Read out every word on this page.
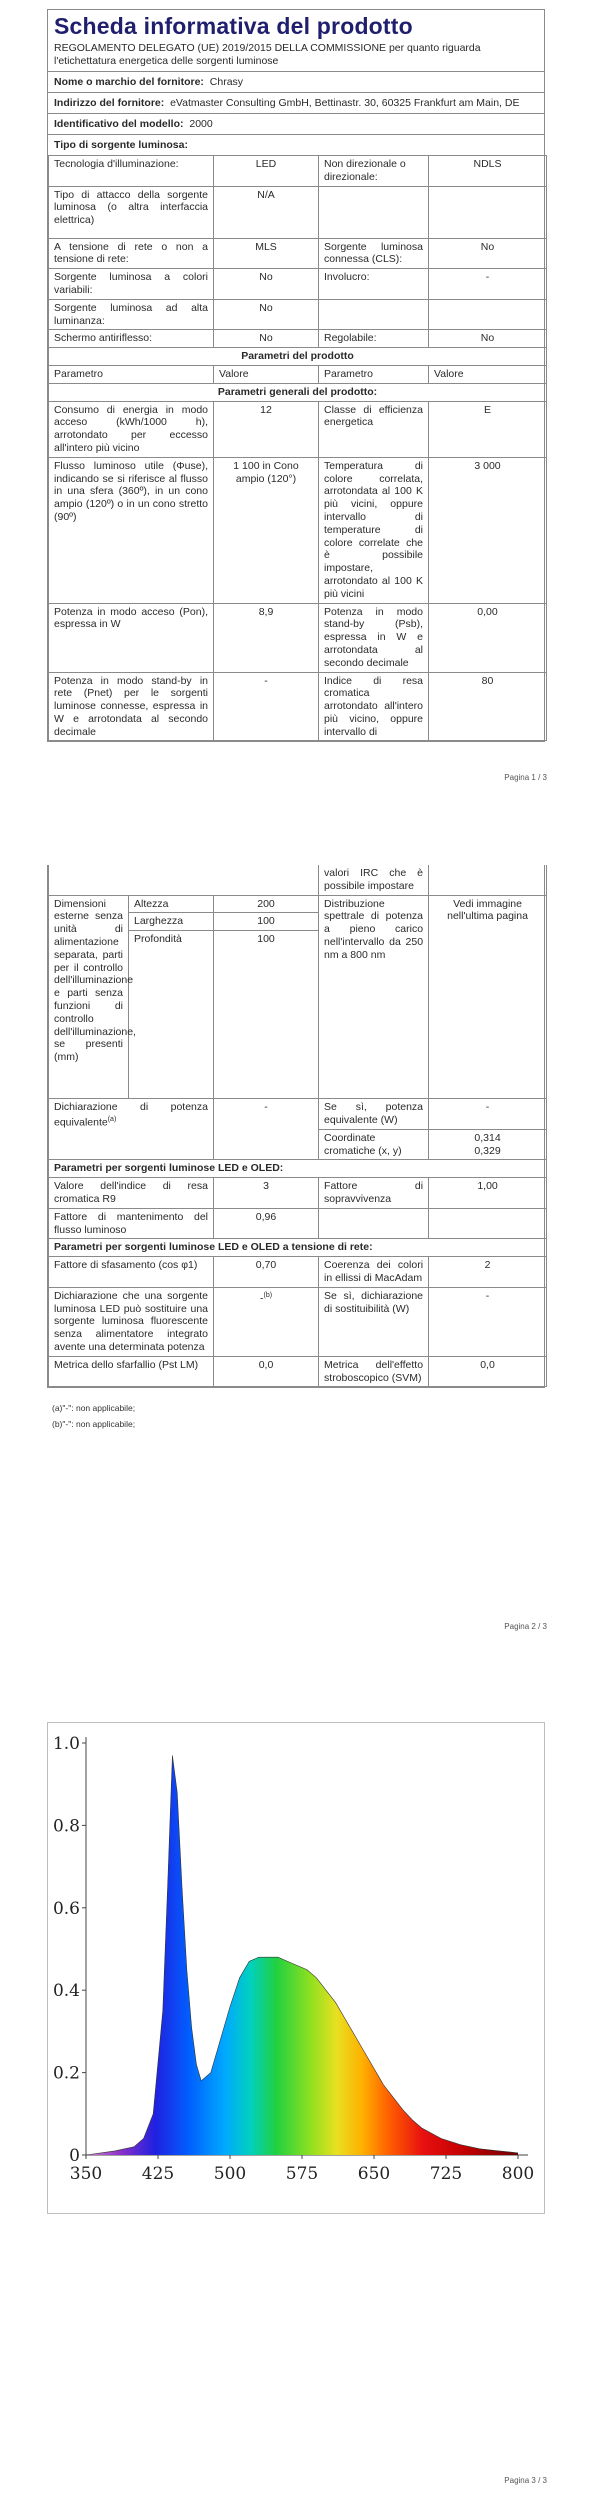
Scheda informativa del prodotto
REGOLAMENTO DELEGATO (UE) 2019/2015 DELLA COMMISSIONE per quanto riguarda l'etichettatura energetica delle sorgenti luminose
Nome o marchio del fornitore: Chrasy
Indirizzo del fornitore: eVatmaster Consulting GmbH, Bettinastr. 30, 60325 Frankfurt am Main, DE
Identificativo del modello: 2000
Tipo di sorgente luminosa:
Tecnologia d'illuminazione:	LED	Non direzionale o direzionale:	NDLS
Tipo di attacco della sorgente luminosa (o altra interfaccia elettrica)	N/A		
A tensione di rete o non a tensione di rete:	MLS	Sorgente luminosa connessa (CLS):	No
Sorgente luminosa a colori variabili:	No	Involucro:	-
Sorgente luminosa ad alta luminanza:	No		
Schermo antiriflesso:	No	Regolabile:	No
Parametri del prodotto			
Parametro	Valore	Parametro	Valore
Parametri generali del prodotto:			
Consumo di energia in modo acceso (kWh/1000 h), arrotondato per eccesso all'intero più vicino	12	Classe di efficienza energetica	E
Flusso luminoso utile (Φuse), indicando se si riferisce al flusso in una sfera (360º), in un cono ampio (120º) o in un cono stretto (90º)	1 100 in Cono ampio (120°)	Temperatura di colore correlata, arrotondata al 100 K più vicini, oppure intervallo di temperature di colore correlate che è possibile impostare, arrotondato al 100 K più vicini	3 000
Potenza in modo acceso (Pon), espressa in W	8,9	Potenza in modo stand-by (Psb), espressa in W e arrotondata al secondo decimale	0,00
Potenza in modo stand-by in rete (Pnet) per le sorgenti luminose connesse, espressa in W e arrotondata al secondo decimale	-	Indice di resa cromatica arrotondato all'intero più vicino, oppure intervallo di	80
Pagina 1 / 3
			valori IRC che è possibile impostare	
Dimensioni esterne senza unità di alimentazione separata, parti per il controllo dell'illuminazione e parti senza funzioni di controllo dell'illuminazione, se presenti (mm)	Altezza	200	Distribuzione spettrale di potenza a pieno carico nell'intervallo da 250 nm a 800 nm	Vedi immagine nell'ultima pagina
	Larghezza	100		
	Profondità	100		
Dichiarazione di potenza equivalente$^{(a)}$		-	Se sì, potenza equivalente (W)	-
			Coordinate cromatiche (x, y)	0,314
0,329

Parametri per sorgenti luminose LED e OLED:				
Valore dell'indice di resa cromatica R9		3	Fattore di sopravvivenza	1,00
Fattore di mantenimento del flusso luminoso		0,96		
Parametri per sorgenti luminose LED e OLED a tensione di rete:				
Fattore di sfasamento (cos φ1)		0,70	Coerenza dei colori in ellissi di MacAdam	2
Dichiarazione che una sorgente luminosa LED può sostituire una sorgente luminosa fluorescente senza alimentatore integrato avente una determinata potenza		-$^{(b)}$	Se sì, dichiarazione di sostituibilità (W)	-
Metrica dello sfarfallio (Pst LM)		0,0	Metrica dell'effetto stroboscopico (SVM)	0,0
(a)"-": non applicabile;
(b)"-": non applicabile;
Pagina 2 / 3
0
0.2
0.4
0.6
0.8
1.0
350 425 500 575 650 725 800
Pagina 3 / 3
